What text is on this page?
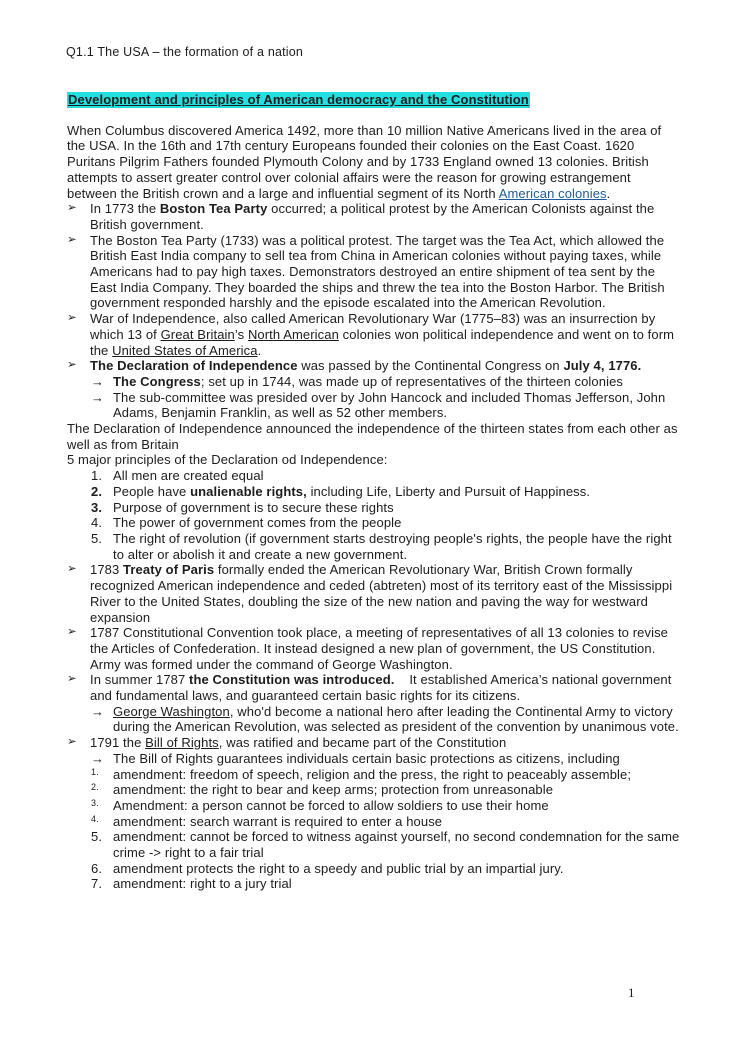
Q1.1 The USA – the formation of a nation
Development and principles of American democracy and the Constitution
When Columbus discovered America 1492, more than 10 million Native Americans lived in the area of the USA. In the 16th and 17th century Europeans founded their colonies on the East Coast. 1620 Puritans Pilgrim Fathers founded Plymouth Colony and by 1733 England owned 13 colonies. British attempts to assert greater control over colonial affairs were the reason for growing estrangement between the British crown and a large and influential segment of its North American colonies.
➢ In 1773 the Boston Tea Party occurred; a political protest by the American Colonists against the British government.
➢ The Boston Tea Party (1733) was a political protest. The target was the Tea Act, which allowed the British East India company to sell tea from China in American colonies without paying taxes, while Americans had to pay high taxes. Demonstrators destroyed an entire shipment of tea sent by the East India Company. They boarded the ships and threw the tea into the Boston Harbor. The British government responded harshly and the episode escalated into the American Revolution.
➢ War of Independence, also called American Revolutionary War (1775–83) was an insurrection by which 13 of Great Britain’s North American colonies won political independence and went on to form the United States of America.
➢ The Declaration of Independence was passed by the Continental Congress on July 4, 1776.
→ The Congress; set up in 1744, was made up of representatives of the thirteen colonies
→ The sub-committee was presided over by John Hancock and included Thomas Jefferson, John Adams, Benjamin Franklin, as well as 52 other members.
The Declaration of Independence announced the independence of the thirteen states from each other as well as from Britain
5 major principles of the Declaration od Independence:
1. All men are created equal
2. People have unalienable rights, including Life, Liberty and Pursuit of Happiness.
3. Purpose of government is to secure these rights
4. The power of government comes from the people
5. The right of revolution (if government starts destroying people's rights, the people have the right to alter or abolish it and create a new government.
➢ 1783 Treaty of Paris formally ended the American Revolutionary War, British Crown formally recognized American independence and ceded (abtreten) most of its territory east of the Mississippi River to the United States, doubling the size of the new nation and paving the way for westward expansion
➢ 1787 Constitutional Convention took place, a meeting of representatives of all 13 colonies to revise the Articles of Confederation. It instead designed a new plan of government, the US Constitution. Army was formed under the command of George Washington.
➢ In summer 1787 the Constitution was introduced.    It established America’s national government and fundamental laws, and guaranteed certain basic rights for its citizens.
→ George Washington, who'd become a national hero after leading the Continental Army to victory during the American Revolution, was selected as president of the convention by unanimous vote.
➢ 1791 the Bill of Rights, was ratified and became part of the Constitution
→ The Bill of Rights guarantees individuals certain basic protections as citizens, including
1.	amendment: freedom of speech, religion and the press, the right to peaceably assemble;
2.	amendment: the right to bear and keep arms; protection from unreasonable
3.	Amendment: a person cannot be forced to allow soldiers to use their home
4.	amendment: search warrant is required to enter a house
5. amendment: cannot be forced to witness against yourself, no second condemnation for the same crime -> right to a fair trial
6. amendment protects the right to a speedy and public trial by an impartial jury.
7. amendment: right to a jury trial
1
